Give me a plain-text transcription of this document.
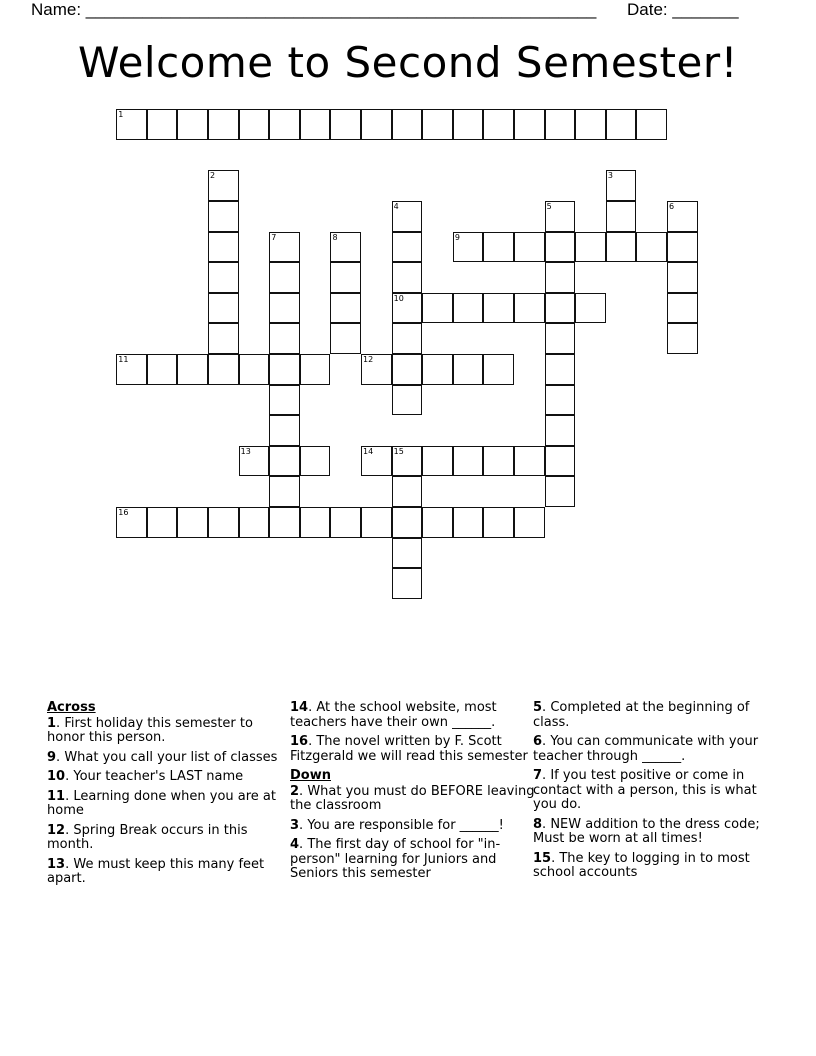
Name: ______________________________________________________ Date: _______
Welcome to Second Semester!
1
2	3
4
10
5	6
7	8	9
11	12
13	14	15
16
Across
1. First holiday this semester to honor this person.
9. What you call your list of classes
10. Your teacher's LAST name
11. Learning done when you are at home
12. Spring Break occurs in this month.
13. We must keep this many feet apart.
14. At the school website, most teachers have their own ______.
16. The novel written by F. Scott Fitzgerald we will read this semester
Down
2. What you must do BEFORE leaving the classroom
3. You are responsible for ______!
4. The first day of school for "in-person" learning for Juniors and Seniors this semester
5. Completed at the beginning of class.
6. You can communicate with your teacher through ______.
7. If you test positive or come in contact with a person, this is what you do.
8. NEW addition to the dress code; Must be worn at all times!
15. The key to logging in to most school accounts
